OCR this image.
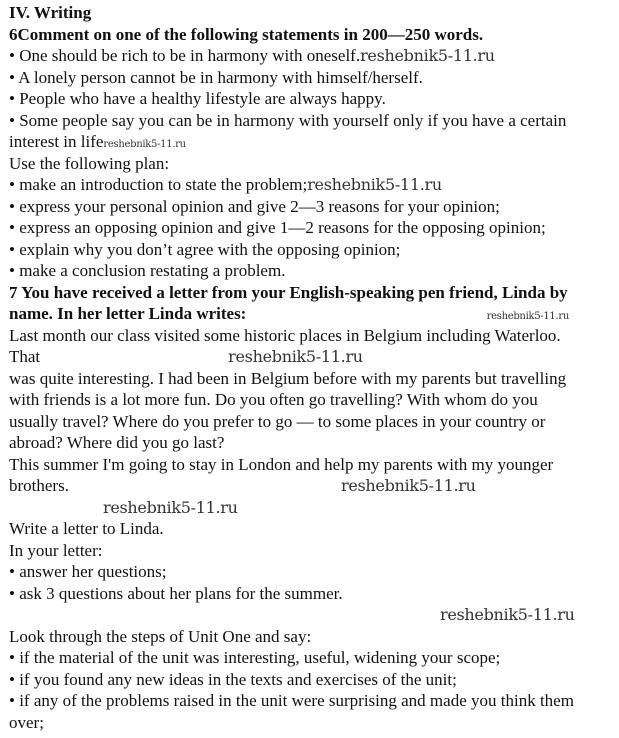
IV. Writing
6Comment on one of the following statements in 200—250 words.
• One should be rich to be in harmony with oneself. reshebnik5-11.ru
• A lonely person cannot be in harmony with himself/herself.
• People who have a healthy lifestyle are always happy.
• Some people say you can be in harmony with yourself only if you have a certain
interest in life reshebnik5-11.ru
Use the following plan:
• make an introduction to state the problem; reshebnik5-11.ru
• express your personal opinion and give 2—3 reasons for your opinion;
• express an opposing opinion and give 1—2 reasons for the opposing opinion;
• explain why you don’t agree with the opposing opinion;
• make a conclusion restating a problem.
7 You have received a letter from your English-speaking pen friend, Linda by
name. In her letter Linda writes:	reshebnik5-11.ru
Last month our class visited some historic places in Belgium including Waterloo.
That	reshebnik5-11.ru
was quite interesting. I had been in Belgium before with my parents but travelling
with friends is a lot more fun. Do you often go travelling? With whom do you
usually travel? Where do you prefer to go — to some places in your country or
abroad? Where did you go last?
This summer I'm going to stay in London and help my parents with my younger
brothers.	reshebnik5-11.ru
reshebnik5-11.ru
Write a letter to Linda.
In your letter:
• answer her questions;
• ask 3 questions about her plans for the summer.
reshebnik5-11.ru
Look through the steps of Unit One and say:
• if the material of the unit was interesting, useful, widening your scope;
• if you found any new ideas in the texts and exercises of the unit;
• if any of the problems raised in the unit were surprising and made you think them
over;
